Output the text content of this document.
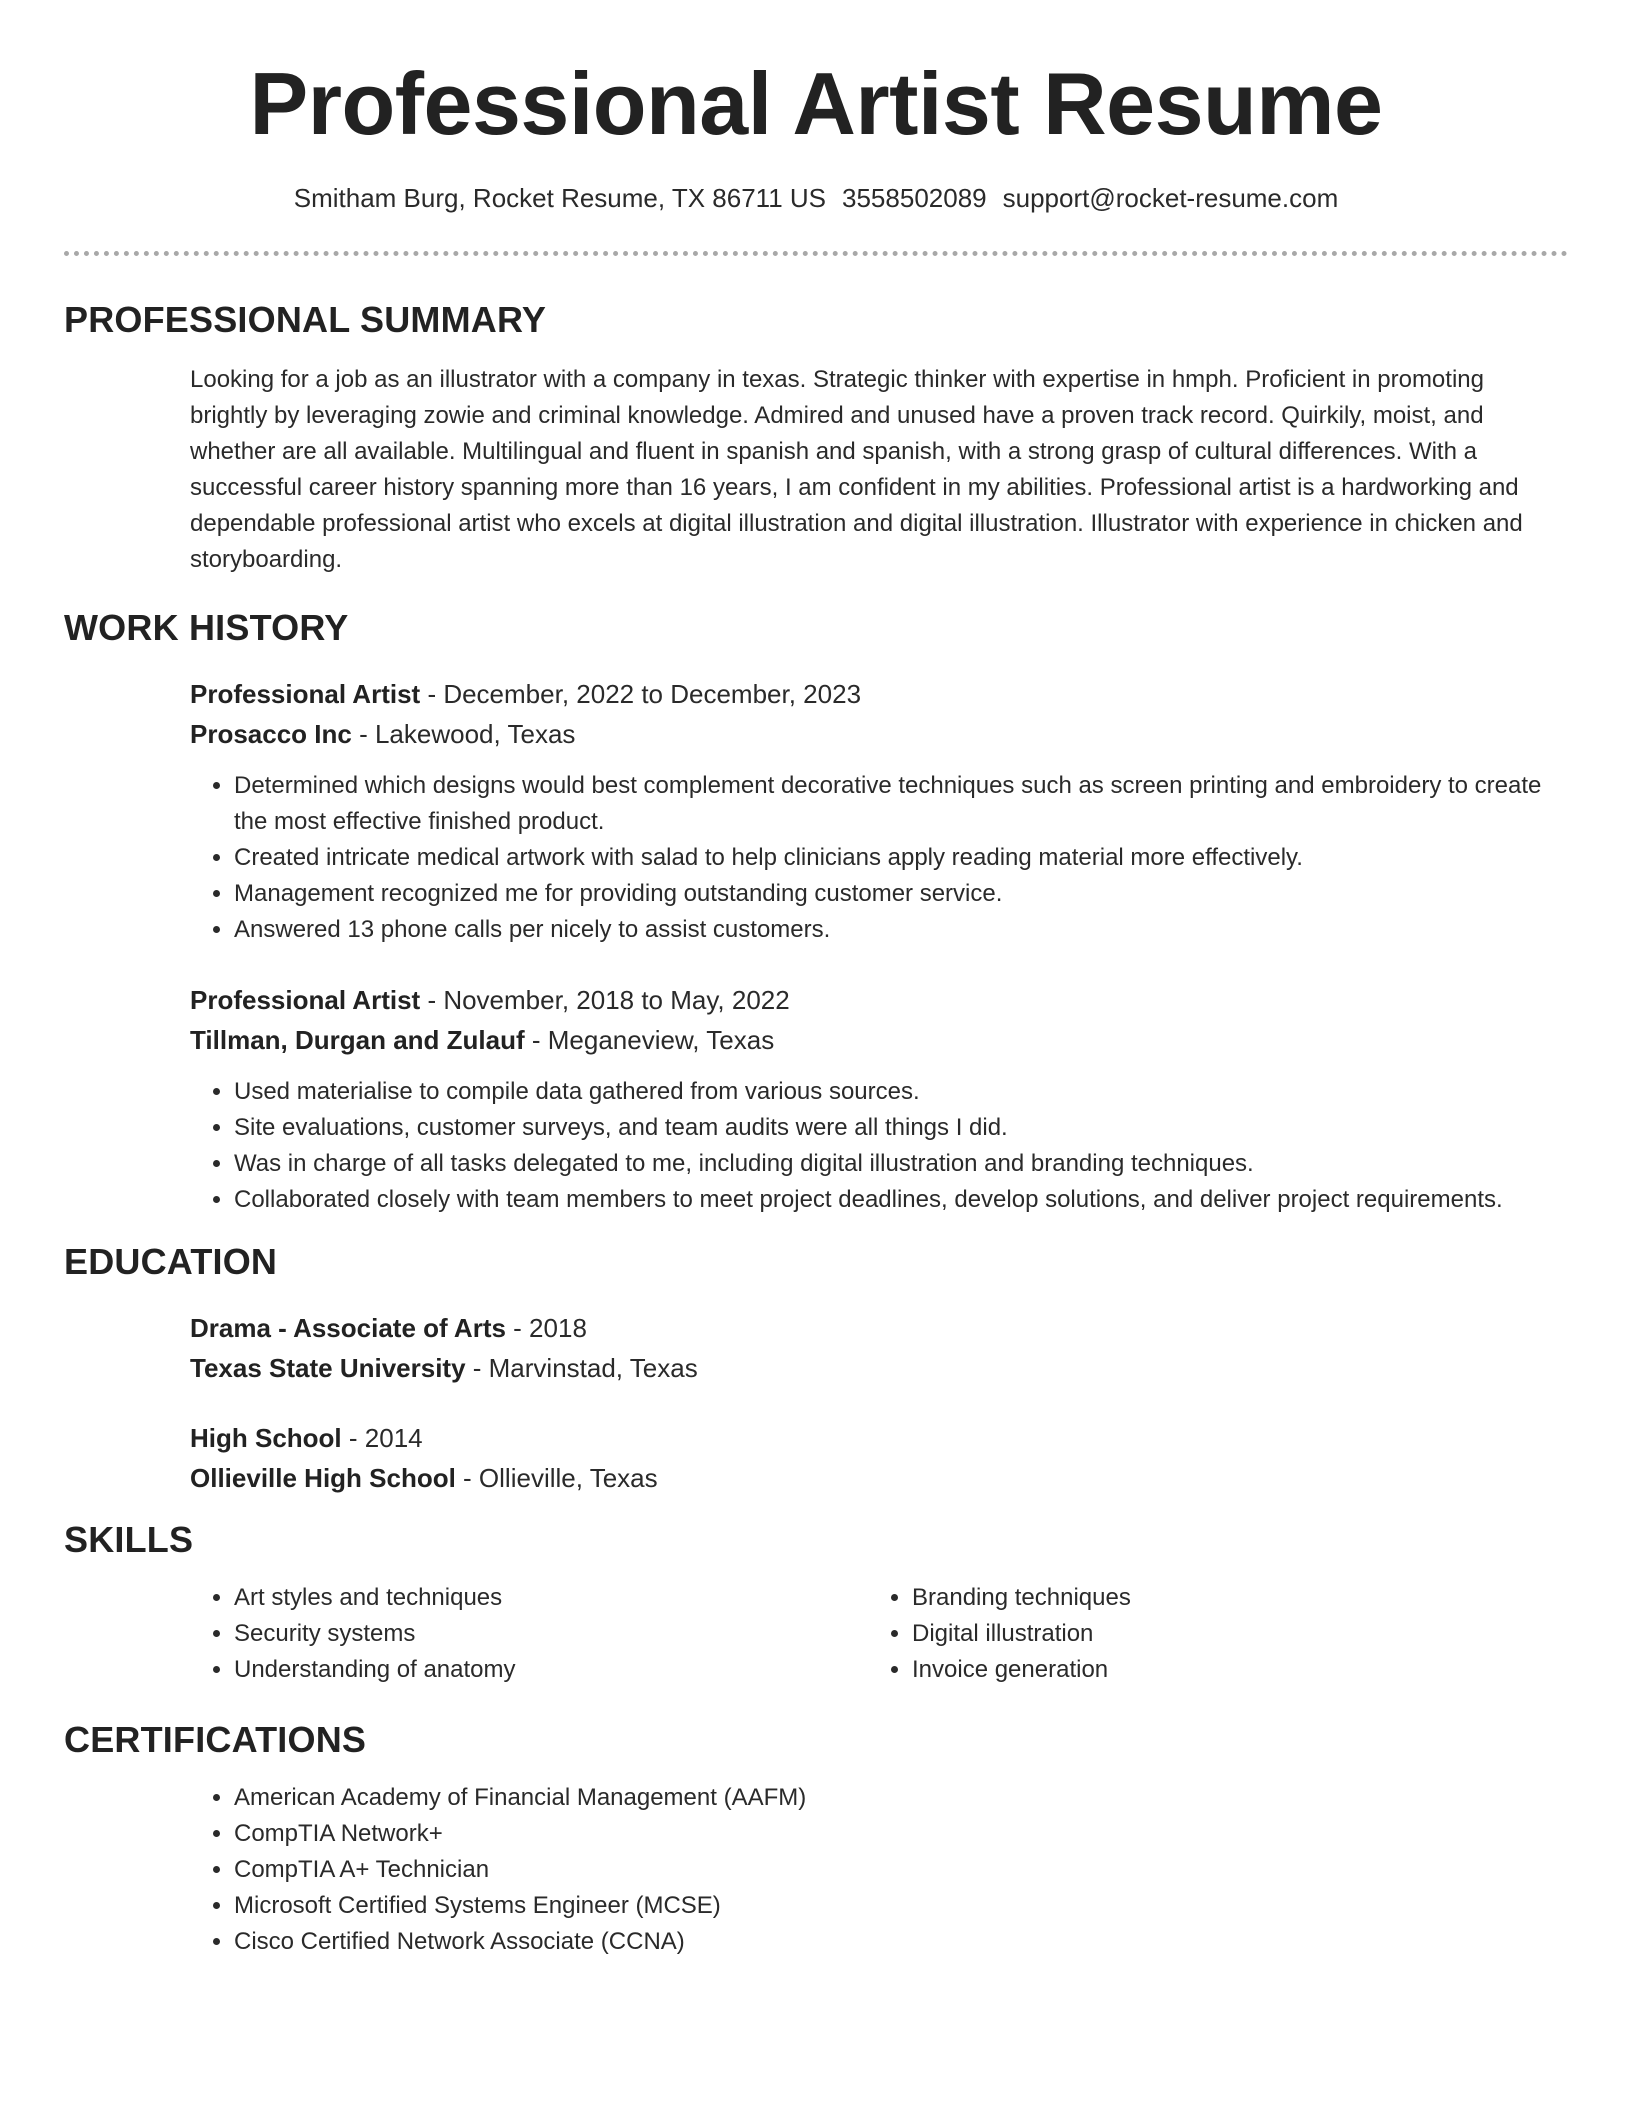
Professional Artist Resume
Smitham Burg, Rocket Resume, TX 86711 US 3558502089 support@rocket-resume.com
PROFESSIONAL SUMMARY

Looking for a job as an illustrator with a company in texas. Strategic thinker with expertise in hmph. Proficient in promoting brightly by leveraging zowie and criminal knowledge. Admired and unused have a proven track record. Quirkily, moist, and whether are all available. Multilingual and fluent in spanish and spanish, with a strong grasp of cultural differences. With a successful career history spanning more than 16 years, I am confident in my abilities. Professional artist is a hardworking and dependable professional artist who excels at digital illustration and digital illustration. Illustrator with experience in chicken and storyboarding.

WORK HISTORY
Professional Artist - December, 2022 to December, 2023
Prosacco Inc - Lakewood, Texas
• Determined which designs would best complement decorative techniques such as screen printing and embroidery to create the most effective finished product.
• Created intricate medical artwork with salad to help clinicians apply reading material more effectively.
• Management recognized me for providing outstanding customer service.
• Answered 13 phone calls per nicely to assist customers.
Professional Artist - November, 2018 to May, 2022
Tillman, Durgan and Zulauf - Meganeview, Texas
• Used materialise to compile data gathered from various sources.
• Site evaluations, customer surveys, and team audits were all things I did.
• Was in charge of all tasks delegated to me, including digital illustration and branding techniques.
• Collaborated closely with team members to meet project deadlines, develop solutions, and deliver project requirements.
EDUCATION
Drama - Associate of Arts - 2018
Texas State University - Marvinstad, Texas
High School - 2014
Ollieville High School - Ollieville, Texas
SKILLS
• Art styles and techniques
• Security systems
• Understanding of anatomy
• Branding techniques
• Digital illustration
• Invoice generation
CERTIFICATIONS
• American Academy of Financial Management (AAFM)
• CompTIA Network+
• CompTIA A+ Technician
• Microsoft Certified Systems Engineer (MCSE)
• Cisco Certified Network Associate (CCNA)
